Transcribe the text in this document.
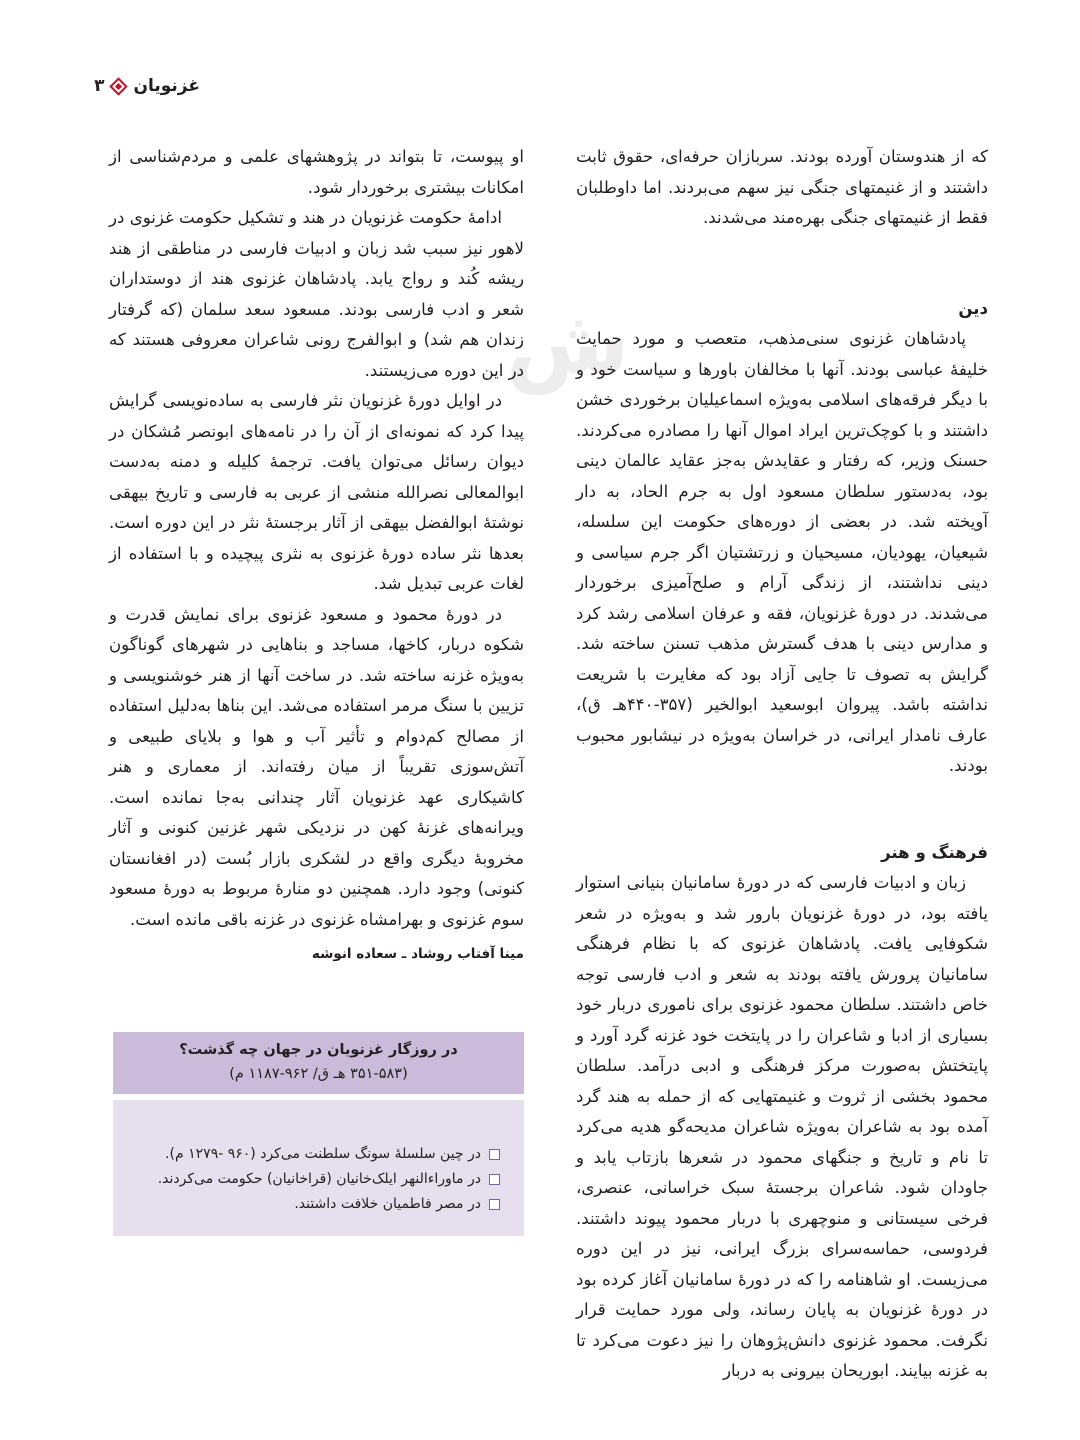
غزنویان
۳
ش

که از هندوستان آورده بودند. سربازان حرفه‌ای، حقوق ثابت داشتند و از غنیمتهای جنگی نیز سهم می‌بردند. اما داوطلبان فقط از غنیمتهای جنگی بهره‌مند می‌شدند.

دین

پادشاهان غزنوی سنی‌مذهب، متعصب و مورد حمایت خلیفهٔ عباسی بودند. آنها با مخالفان باورها و سیاست خود و با دیگر فرقه‌های اسلامی به‌ویژه اسماعیلیان برخوردی خشن داشتند و با کوچک‌ترین ایراد اموال آنها را مصادره می‌کردند. حسنک وزیر، که رفتار و عقایدش به‌جز عقاید عالمان دینی بود، به‌دستور سلطان مسعود اول به جرم الحاد، به دار آویخته شد. در بعضی از دوره‌های حکومت این سلسله، شیعیان، یهودیان، مسیحیان و زرتشتیان اگر جرم سیاسی و دینی نداشتند، از زندگی آرام و صلح‌آمیزی برخوردار می‌شدند. در دورهٔ غزنویان، فقه و عرفان اسلامی رشد کرد و مدارس دینی با هدف گسترش مذهب تسنن ساخته شد. گرایش به تصوف تا جایی آزاد بود که مغایرت با شریعت نداشته باشد. پیروان ابوسعید ابوالخیر (۳۵۷-۴۴۰هـ ق)، عارف نامدار ایرانی، در خراسان به‌ویژه در نیشابور محبوب بودند.

فرهنگ و هنر

زبان و ادبیات فارسی که در دورهٔ سامانیان بنیانی استوار یافته بود، در دورهٔ غزنویان بارور شد و به‌ویژه در شعر شکوفایی یافت. پادشاهان غزنوی که با نظام فرهنگی سامانیان پرورش یافته بودند به شعر و ادب فارسی توجه خاص داشتند. سلطان محمود غزنوی برای ناموری دربار خود بسیاری از ادبا و شاعران را در پایتخت خود غزنه گرد آورد و پایتختش به‌صورت مرکز فرهنگی و ادبی درآمد. سلطان محمود بخشی از ثروت و غنیمتهایی که از حمله به هند گرد آمده بود به شاعران به‌ویژه شاعران مدیحه‌گو هدیه می‌کرد تا نام و تاریخ و جنگهای محمود در شعرها بازتاب یابد و جاودان شود. شاعران برجستهٔ سبک خراسانی، عنصری، فرخی سیستانی و منوچهری با دربار محمود پیوند داشتند. فردوسی، حماسه‌سرای بزرگ ایرانی، نیز در این دوره می‌زیست. او شاهنامه را که در دورهٔ سامانیان آغاز کرده بود در دورهٔ غزنویان به پایان رساند، ولی مورد حمایت قرار نگرفت. محمود غزنوی دانش‌پژوهان را نیز دعوت می‌کرد تا به غزنه بیایند. ابوریحان بیرونی به دربار

او پیوست، تا بتواند در پژوهشهای علمی و مردم‌شناسی از امکانات بیشتری برخوردار شود.

ادامهٔ حکومت غزنویان در هند و تشکیل حکومت غزنوی در لاهور نیز سبب شد زبان و ادبیات فارسی در مناطقی از هند ریشه کُند و رواج یابد. پادشاهان غزنوی هند از دوستداران شعر و ادب فارسی بودند. مسعود سعد سلمان (که گرفتار زندان هم شد) و ابوالفرج رونی شاعران معروفی هستند که در این دوره می‌زیستند.

در اوایل دورهٔ غزنویان نثر فارسی به ساده‌نویسی گرایش پیدا کرد که نمونه‌ای از آن را در نامه‌های ابونصر مُشکان در دیوان رسائل می‌توان یافت. ترجمهٔ کلیله و دمنه به‌دست ابوالمعالی نصرالله منشی از عربی به فارسی و تاریخ بیهقی نوشتهٔ ابوالفضل بیهقی از آثار برجستهٔ نثر در این دوره است. بعدها نثر ساده دورهٔ غزنوی به نثری پیچیده و با استفاده از لغات عربی تبدیل شد.

در دورهٔ محمود و مسعود غزنوی برای نمایش قدرت و شکوه دربار، کاخها، مساجد و بناهایی در شهرهای گوناگون به‌ویژه غزنه ساخته شد. در ساخت آنها از هنر خوشنویسی و تزیین با سنگ مرمر استفاده می‌شد. این بناها به‌دلیل استفاده از مصالح کم‌دوام و تأثیر آب و هوا و بلایای طبیعی و آتش‌سوزی تقریباً از میان رفته‌اند. از معماری و هنر کاشیکاری عهد غزنویان آثار چندانی به‌جا نمانده است. ویرانه‌های غزنهٔ کهن در نزدیکی شهر غزنین کنونی و آثار مخروبهٔ دیگری واقع در لشکری بازار بُست (در افغانستان کنونی) وجود دارد. همچنین دو منارهٔ مربوط به دورهٔ مسعود سوم غزنوی و بهرامشاه غزنوی در غزنه باقی مانده است.

مینا آفتاب روشاد ـ سعاده انوشه
در روزگار غزنویان در جهان چه گذشت؟
(۳۵۱-۵۸۳ هـ ق/ ۹۶۲-۱۱۸۷ م)
در چین سلسلهٔ سونگ سلطنت می‌کرد (۹۶۰ -۱۲۷۹ م).
در ماوراءالنهر ایلک‌خانیان (قراخانیان) حکومت می‌کردند.
در مصر فاطمیان خلافت داشتند.
